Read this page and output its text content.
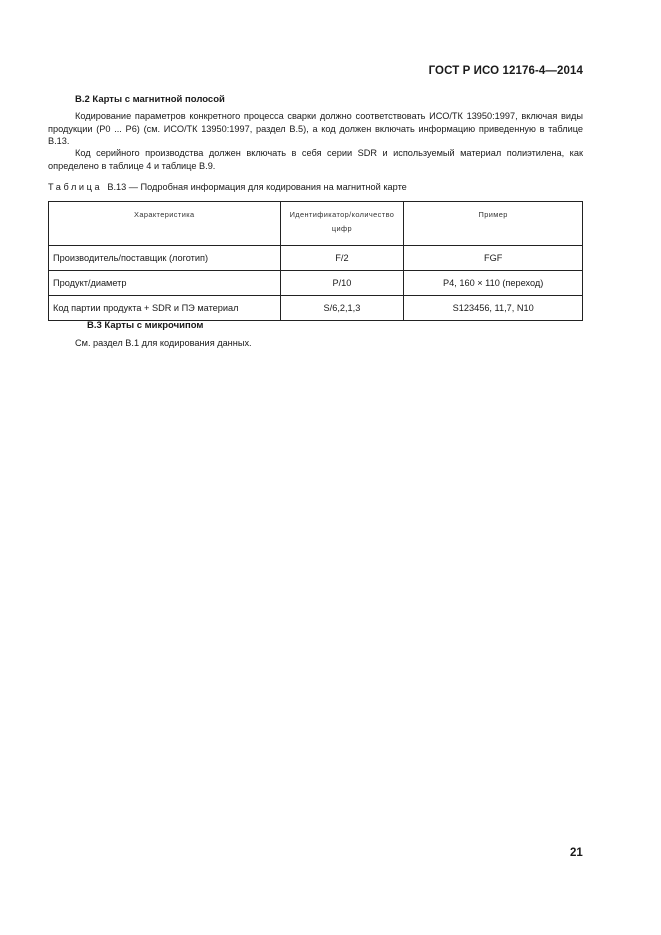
ГОСТ Р ИСО 12176-4—2014
В.2 Карты с магнитной полосой

Кодирование параметров конкретного процесса сварки должно соответствовать ИСО/ТК 13950:1997, включая виды продукции (Р0 ... Р6) (см. ИСО/ТК 13950:1997, раздел В.5), а код должен включать информацию приведенную в таблице В.13.

Код серийного производства должен включать в себя серии SDR и используемый материал полиэтилена, как определено в таблице 4 и таблице В.9.

Таблица В.13 — Подробная информация для кодирования на магнитной карте
Характеристика	Идентификатор/количество цифр	Пример
Производитель/поставщик (логотип)	F/2	FGF
Продукт/диаметр	P/10	Р4, 160 × 110 (переход)
Код партии продукта + SDR и ПЭ материал	S/6,2,1,3	S123456, 11,7, N10
В.3 Карты с микрочипом

См. раздел В.1 для кодирования данных.

21
